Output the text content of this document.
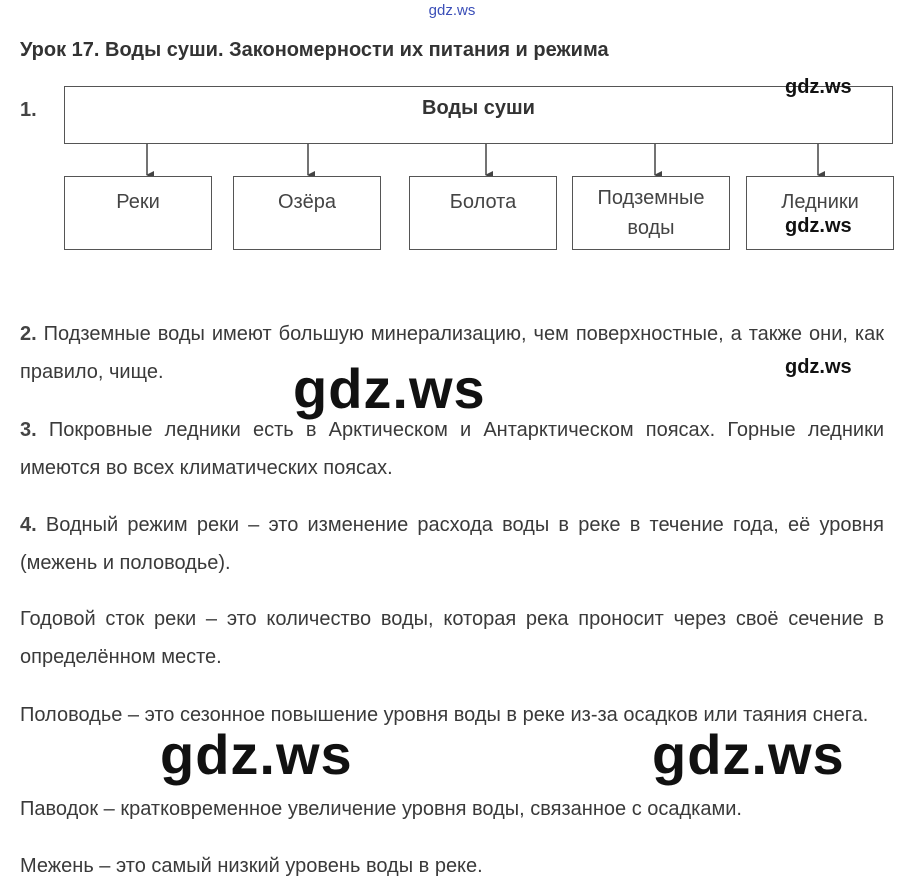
gdz.ws
Урок 17. Воды суши. Закономерности их питания и режима
1.	Воды суши
Реки	Озёра	Болота	Подземные
воды
Ледники
gdz.ws
gdz.ws
gdz.ws
2. Подземные воды имеют большую минерализацию, чем поверхностные, а также они, как правило, чище.
3. Покровные ледники есть в Арктическом и Антарктическом поясах. Горные ледники имеются во всех климатических поясах.
4. Водный режим реки – это изменение расхода воды в реке в течение года, её уровня (межень и половодье).
Годовой сток реки – это количество воды, которая река проносит через своё сечение в определённом месте.
Половодье – это сезонное повышение уровня воды в реке из-за осадков или таяния снега.
Паводок – кратковременное увеличение уровня воды, связанное с осадками.
Межень – это самый низкий уровень воды в реке.
gdz.ws
gdz.ws	gdz.ws
